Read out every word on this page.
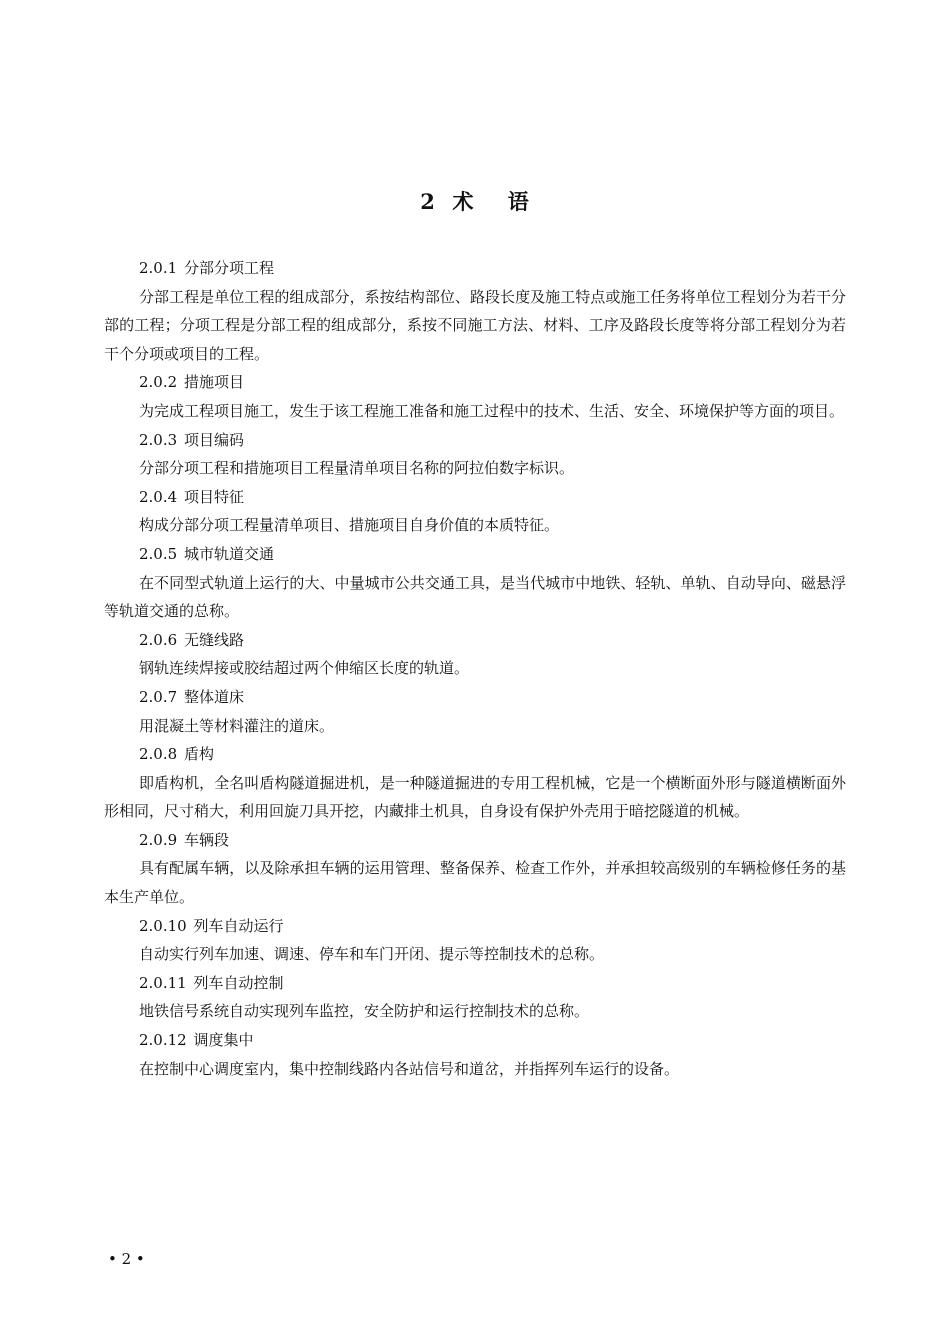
2  术    语

2.0.1 分部分项工程

分部工程是单位工程的组成部分，系按结构部位、路段长度及施工特点或施工任务将单位工程划分为若干分部的工程；分项工程是分部工程的组成部分，系按不同施工方法、材料、工序及路段长度等将分部工程划分为若干个分项或项目的工程。

2.0.2 措施项目

为完成工程项目施工，发生于该工程施工准备和施工过程中的技术、生活、安全、环境保护等方面的项目。

2.0.3 项目编码

分部分项工程和措施项目工程量清单项目名称的阿拉伯数字标识。

2.0.4 项目特征

构成分部分项工程量清单项目、措施项目自身价值的本质特征。

2.0.5 城市轨道交通

在不同型式轨道上运行的大、中量城市公共交通工具，是当代城市中地铁、轻轨、单轨、自动导向、磁悬浮等轨道交通的总称。

2.0.6 无缝线路

钢轨连续焊接或胶结超过两个伸缩区长度的轨道。

2.0.7 整体道床

用混凝土等材料灌注的道床。

2.0.8 盾构

即盾构机，全名叫盾构隧道掘进机，是一种隧道掘进的专用工程机械，它是一个横断面外形与隧道横断面外形相同，尺寸稍大，利用回旋刀具开挖，内藏排土机具，自身设有保护外壳用于暗挖隧道的机械。

2.0.9 车辆段

具有配属车辆，以及除承担车辆的运用管理、整备保养、检查工作外，并承担较高级别的车辆检修任务的基本生产单位。

2.0.10 列车自动运行

自动实行列车加速、调速、停车和车门开闭、提示等控制技术的总称。

2.0.11 列车自动控制

地铁信号系统自动实现列车监控，安全防护和运行控制技术的总称。

2.0.12 调度集中

在控制中心调度室内，集中控制线路内各站信号和道岔，并指挥列车运行的设备。

• 2 •
